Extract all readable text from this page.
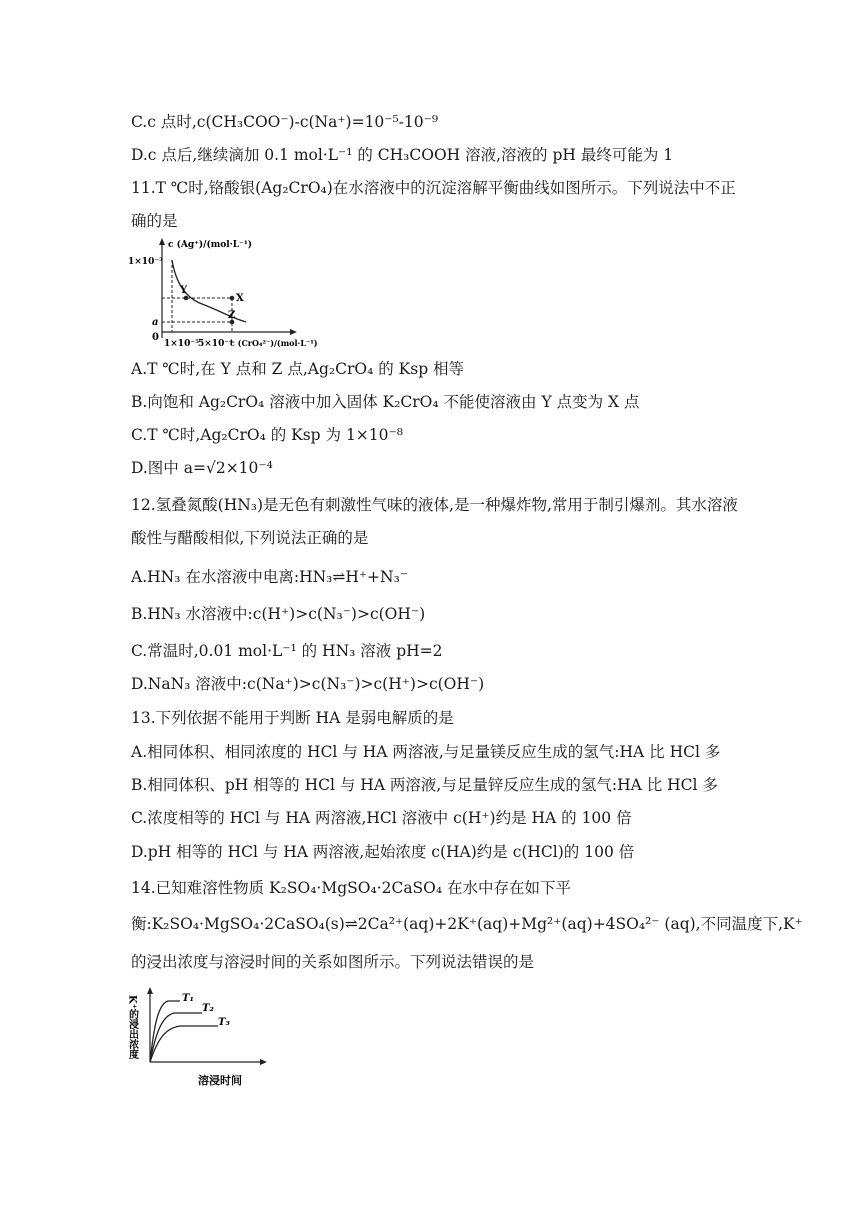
C.c 点时,c(CH₃COO⁻)-c(Na⁺)=10⁻⁵-10⁻⁹
D.c 点后,继续滴加 0.1 mol·L⁻¹ 的 CH₃COOH 溶液,溶液的 pH 最终可能为 1
11.T ℃时,铬酸银(Ag₂CrO₄)在水溶液中的沉淀溶解平衡曲线如图所示。下列说法中不正
确的是
c (Ag⁺)/(mol·L⁻¹)
1×10⁻³
a
0
Y
X
Z
1×10⁻⁵
5×10⁻⁴
c (CrO₄²⁻)/(mol·L⁻¹)
A.T ℃时,在 Y 点和 Z 点,Ag₂CrO₄ 的 Ksp 相等
B.向饱和 Ag₂CrO₄ 溶液中加入固体 K₂CrO₄ 不能使溶液由 Y 点变为 X 点
C.T ℃时,Ag₂CrO₄ 的 Ksp 为 1×10⁻⁸
D.图中 a=√2×10⁻⁴
12.氢叠氮酸(HN₃)是无色有刺激性气味的液体,是一种爆炸物,常用于制引爆剂。其水溶液
酸性与醋酸相似,下列说法正确的是
A.HN₃ 在水溶液中电离:HN₃⇌H⁺+N₃⁻
B.HN₃ 水溶液中:c(H⁺)>c(N₃⁻)>c(OH⁻)
C.常温时,0.01 mol·L⁻¹ 的 HN₃ 溶液 pH=2
D.NaN₃ 溶液中:c(Na⁺)>c(N₃⁻)>c(H⁺)>c(OH⁻)
13.下列依据不能用于判断 HA 是弱电解质的是
A.相同体积、相同浓度的 HCl 与 HA 两溶液,与足量镁反应生成的氢气:HA 比 HCl 多
B.相同体积、pH 相等的 HCl 与 HA 两溶液,与足量锌反应生成的氢气:HA 比 HCl 多
C.浓度相等的 HCl 与 HA 两溶液,HCl 溶液中 c(H⁺)约是 HA 的 100 倍
D.pH 相等的 HCl 与 HA 两溶液,起始浓度 c(HA)约是 c(HCl)的 100 倍
14.已知难溶性物质 K₂SO₄·MgSO₄·2CaSO₄ 在水中存在如下平
衡:K₂SO₄·MgSO₄·2CaSO₄(s)⇌2Ca²⁺(aq)+2K⁺(aq)+Mg²⁺(aq)+4SO₄²⁻ (aq),不同温度下,K⁺
的浸出浓度与溶浸时间的关系如图所示。下列说法错误的是
T₁
T₂
T₃
K⁺的浸出浓度
溶浸时间
